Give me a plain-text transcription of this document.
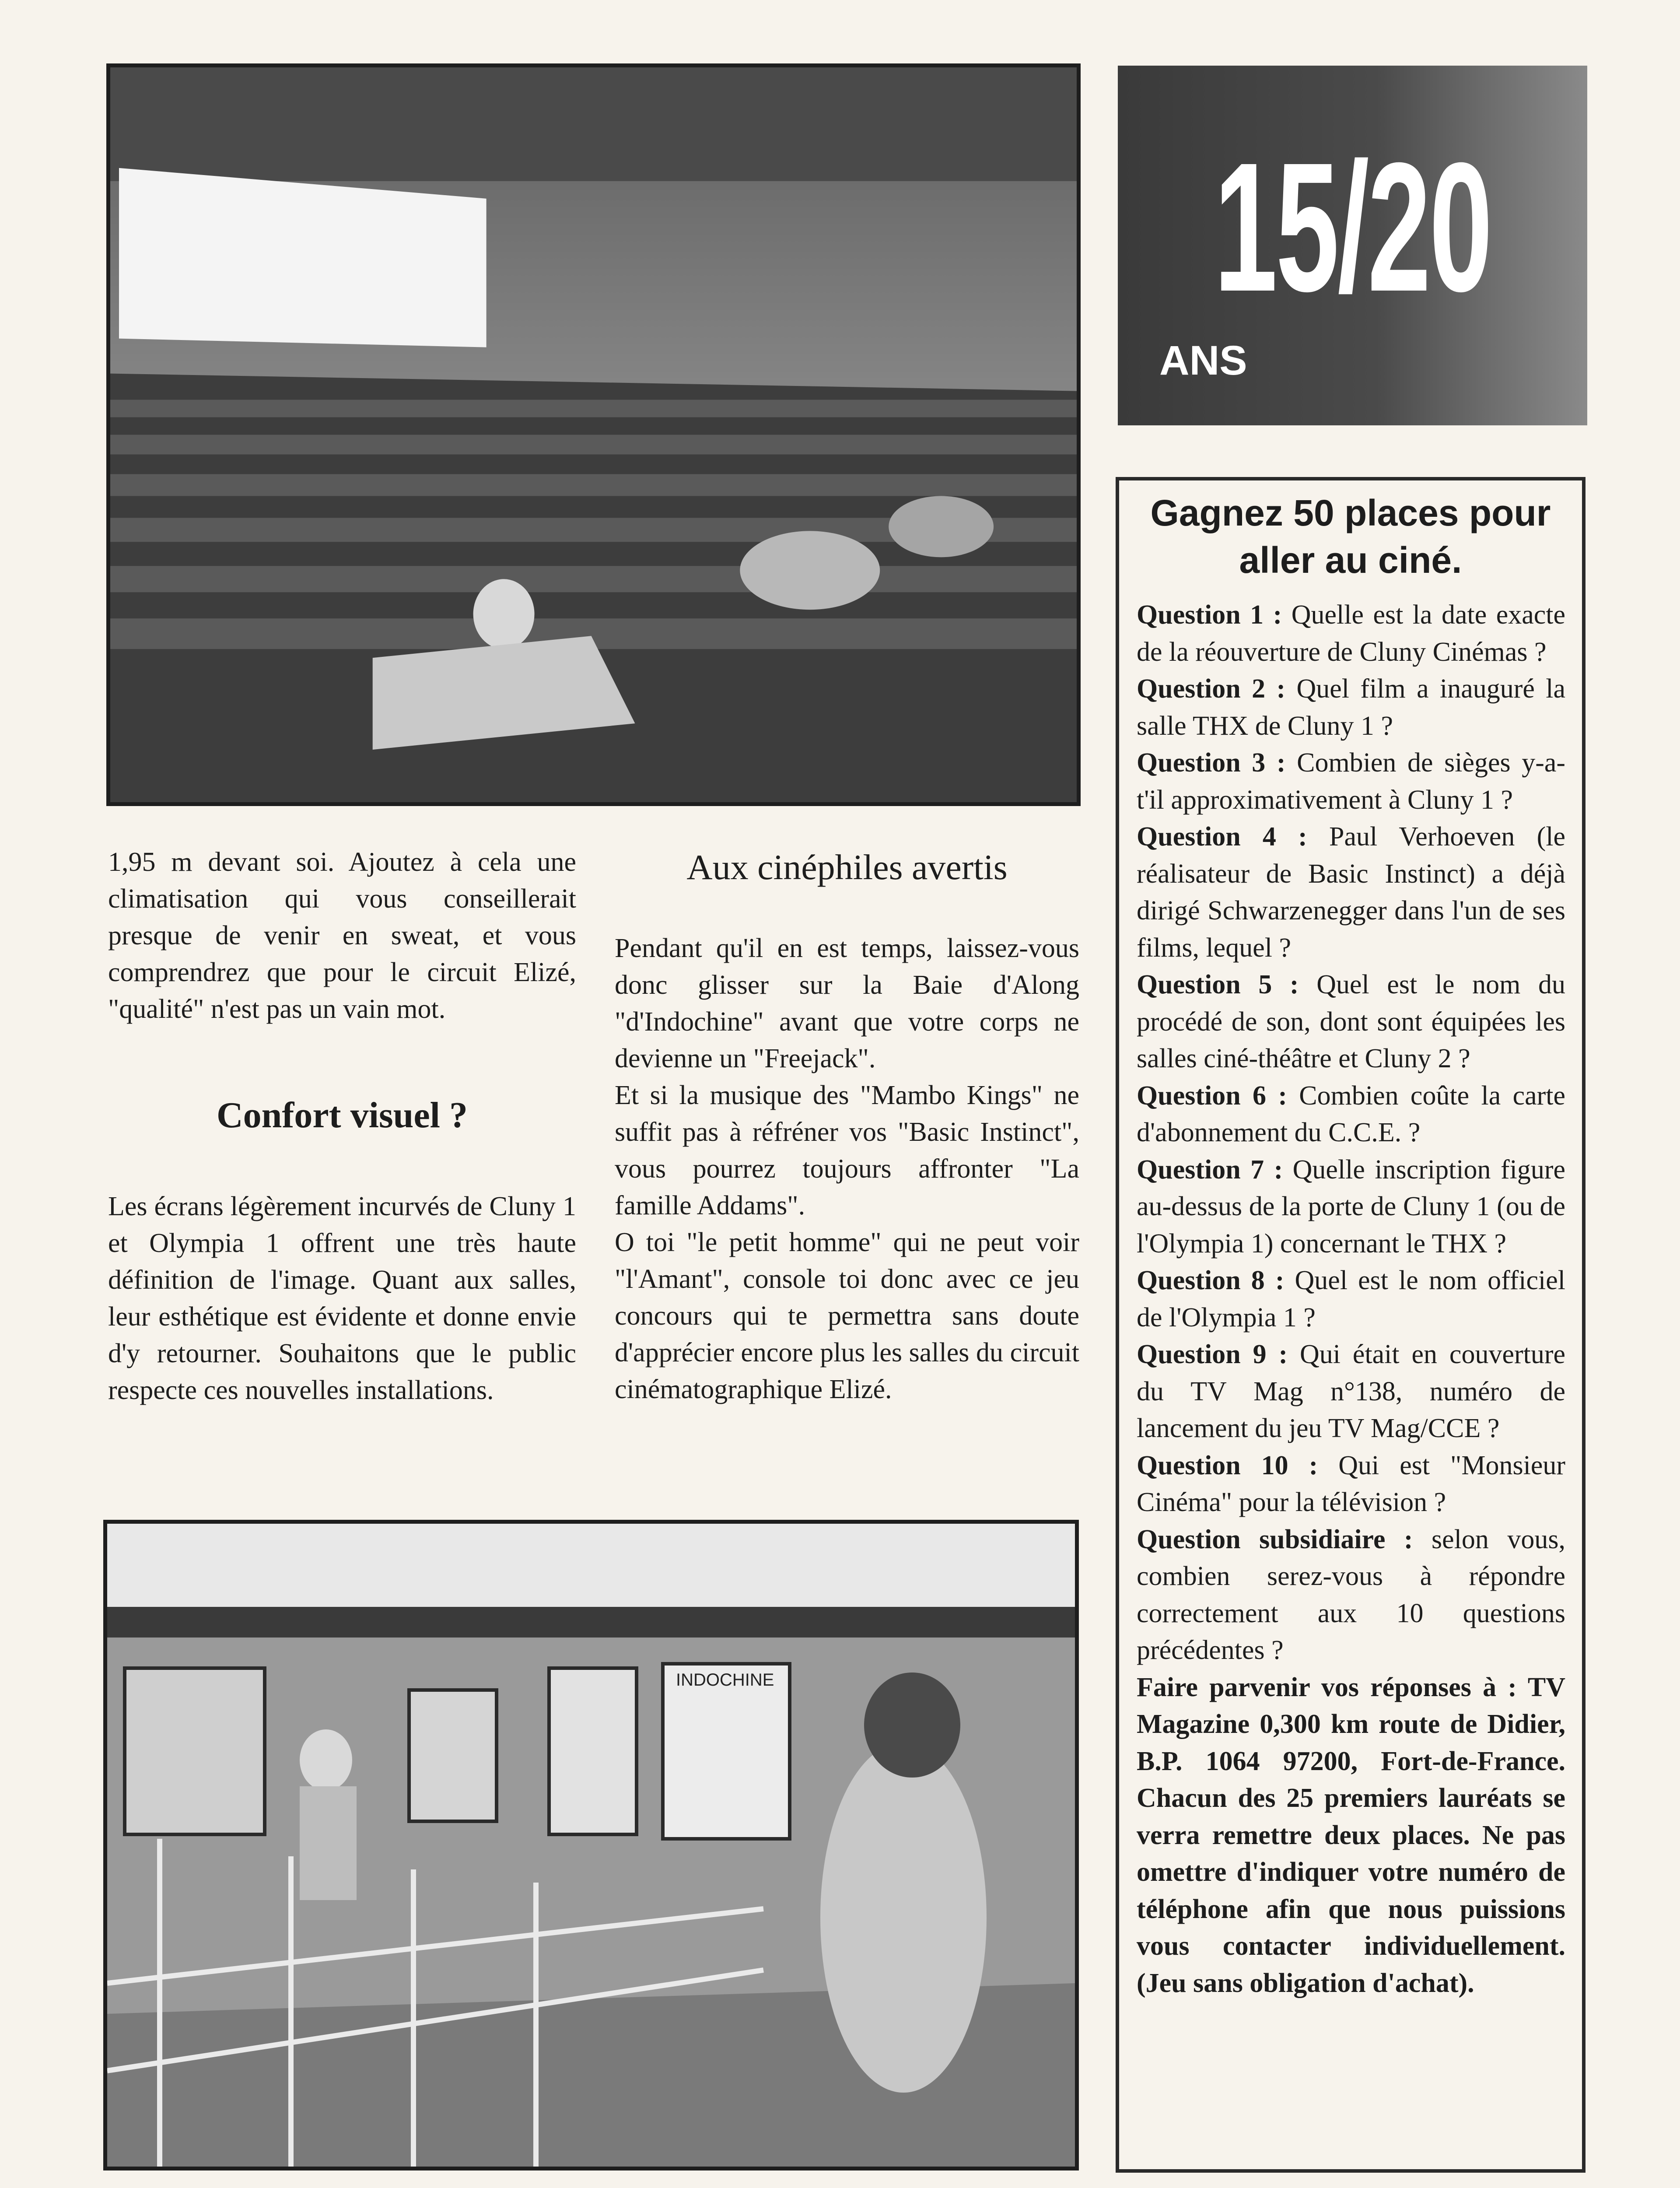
15/20
ANS

1,95 m devant soi. Ajoutez à cela une climatisation qui vous conseillerait presque de venir en sweat, et vous comprendrez que pour le circuit Elizé, "qualité" n'est pas un vain mot.

Confort visuel ?

Les écrans légèrement incurvés de Cluny 1 et Olympia 1 offrent une très haute définition de l'image. Quant aux salles, leur esthétique est évidente et donne envie d'y retourner. Souhaitons que le public respecte ces nouvelles installations.

Aux cinéphiles avertis

Pendant qu'il en est temps, laissez-vous donc glisser sur la Baie d'Along "d'Indochine" avant que votre corps ne devienne un "Freejack".

Et si la musique des "Mambo Kings" ne suffit pas à réfréner vos "Basic Instinct", vous pourrez toujours affronter "La famille Addams".

O toi "le petit homme" qui ne peut voir "l'Amant", console toi donc avec ce jeu concours qui te permettra sans doute d'apprécier encore plus les salles du circuit cinématographique Elizé.

Gagnez 50 places pour aller au ciné.

Question 1 : Quelle est la date exacte de la réouverture de Cluny Cinémas ?

Question 2 : Quel film a inauguré la salle THX de Cluny 1 ?

Question 3 : Combien de sièges y-a-t'il approximativement à Cluny 1 ?

Question 4 : Paul Verhoeven (le réalisateur de Basic Instinct) a déjà dirigé Schwarzenegger dans l'un de ses films, lequel ?

Question 5 : Quel est le nom du procédé de son, dont sont équipées les salles ciné-théâtre et Cluny 2 ?

Question 6 : Combien coûte la carte d'abonnement du C.C.E. ?

Question 7 : Quelle inscription figure au-dessus de la porte de Cluny 1 (ou de l'Olympia 1) concernant le THX ?

Question 8 : Quel est le nom officiel de l'Olympia 1 ?

Question 9 : Qui était en couverture du TV Mag n°138, numéro de lancement du jeu TV Mag/CCE ?

Question 10 : Qui est "Monsieur Cinéma" pour la télévision ?

Question subsidiaire : selon vous, combien serez-vous à répondre correctement aux 10 questions précédentes ?

Faire parvenir vos réponses à : TV Magazine 0,300 km route de Didier, B.P. 1064 97200, Fort-de-France. Chacun des 25 premiers lauréats se verra remettre deux places. Ne pas omettre d'indiquer votre numéro de téléphone afin que nous puissions vous contacter individuellement. (Jeu sans obligation d'achat).

INDOCHINE
